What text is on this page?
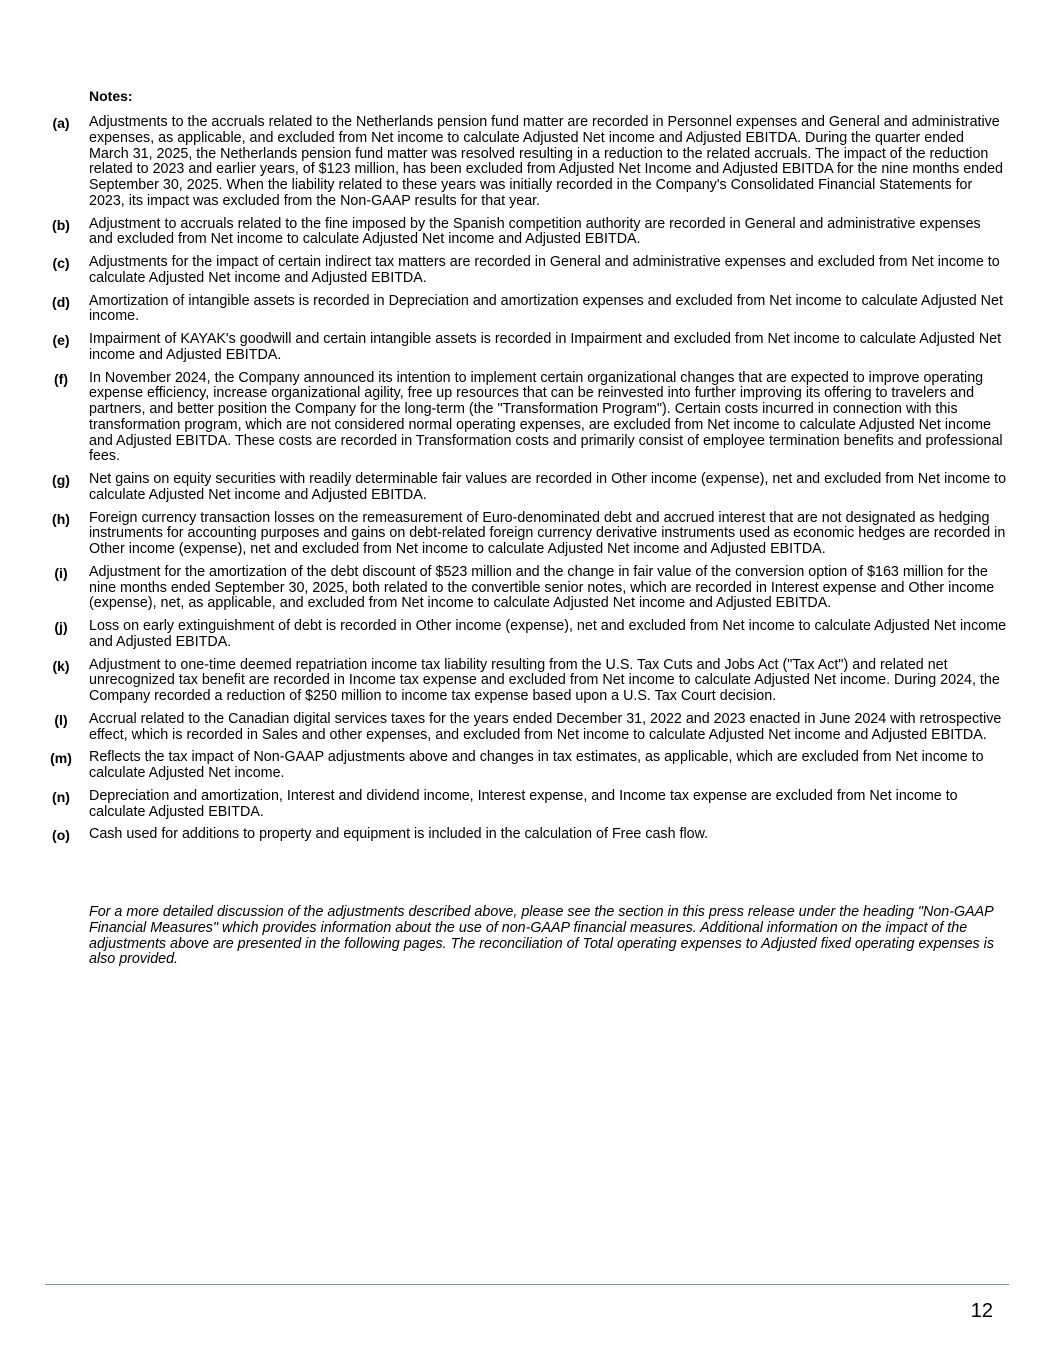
Notes:
(a)	Adjustments to the accruals related to the Netherlands pension fund matter are recorded in Personnel expenses and General and administrative expenses, as applicable, and excluded from Net income to calculate Adjusted Net income and Adjusted EBITDA. During the quarter ended March 31, 2025, the Netherlands pension fund matter was resolved resulting in a reduction to the related accruals. The impact of the reduction related to 2023 and earlier years, of $123 million, has been excluded from Adjusted Net Income and Adjusted EBITDA for the nine months ended September 30, 2025. When the liability related to these years was initially recorded in the Company's Consolidated Financial Statements for 2023, its impact was excluded from the Non-GAAP results for that year.
(b)	Adjustment to accruals related to the fine imposed by the Spanish competition authority are recorded in General and administrative expenses and excluded from Net income to calculate Adjusted Net income and Adjusted EBITDA.
(c)	Adjustments for the impact of certain indirect tax matters are recorded in General and administrative expenses and excluded from Net income to calculate Adjusted Net income and Adjusted EBITDA.
(d)	Amortization of intangible assets is recorded in Depreciation and amortization expenses and excluded from Net income to calculate Adjusted Net income.
(e)	Impairment of KAYAK's goodwill and certain intangible assets is recorded in Impairment and excluded from Net income to calculate Adjusted Net income and Adjusted EBITDA.
(f)	In November 2024, the Company announced its intention to implement certain organizational changes that are expected to improve operating expense efficiency, increase organizational agility, free up resources that can be reinvested into further improving its offering to travelers and partners, and better position the Company for the long-term (the "Transformation Program"). Certain costs incurred in connection with this transformation program, which are not considered normal operating expenses, are excluded from Net income to calculate Adjusted Net income and Adjusted EBITDA. These costs are recorded in Transformation costs and primarily consist of employee termination benefits and professional fees.
(g)	Net gains on equity securities with readily determinable fair values are recorded in Other income (expense), net and excluded from Net income to calculate Adjusted Net income and Adjusted EBITDA.
(h)	Foreign currency transaction losses on the remeasurement of Euro-denominated debt and accrued interest that are not designated as hedging instruments for accounting purposes and gains on debt-related foreign currency derivative instruments used as economic hedges are recorded in Other income (expense), net and excluded from Net income to calculate Adjusted Net income and Adjusted EBITDA.
(i)	Adjustment for the amortization of the debt discount of $523 million and the change in fair value of the conversion option of $163 million for the nine months ended September 30, 2025, both related to the convertible senior notes, which are recorded in Interest expense and Other income (expense), net, as applicable, and excluded from Net income to calculate Adjusted Net income and Adjusted EBITDA.
(j)	Loss on early extinguishment of debt is recorded in Other income (expense), net and excluded from Net income to calculate Adjusted Net income and Adjusted EBITDA.
(k)	Adjustment to one-time deemed repatriation income tax liability resulting from the U.S. Tax Cuts and Jobs Act ("Tax Act") and related net unrecognized tax benefit are recorded in Income tax expense and excluded from Net income to calculate Adjusted Net income. During 2024, the Company recorded a reduction of $250 million to income tax expense based upon a U.S. Tax Court decision.
(l)	Accrual related to the Canadian digital services taxes for the years ended December 31, 2022 and 2023 enacted in June 2024 with retrospective effect, which is recorded in Sales and other expenses, and excluded from Net income to calculate Adjusted Net income and Adjusted EBITDA.
(m)	Reflects the tax impact of Non-GAAP adjustments above and changes in tax estimates, as applicable, which are excluded from Net income to calculate Adjusted Net income.
(n)	Depreciation and amortization, Interest and dividend income, Interest expense, and Income tax expense are excluded from Net income to calculate Adjusted EBITDA.
(o)	Cash used for additions to property and equipment is included in the calculation of Free cash flow.
For a more detailed discussion of the adjustments described above, please see the section in this press release under the heading "Non-GAAP Financial Measures" which provides information about the use of non-GAAP financial measures. Additional information on the impact of the adjustments above are presented in the following pages. The reconciliation of Total operating expenses to Adjusted fixed operating expenses is also provided.
12
